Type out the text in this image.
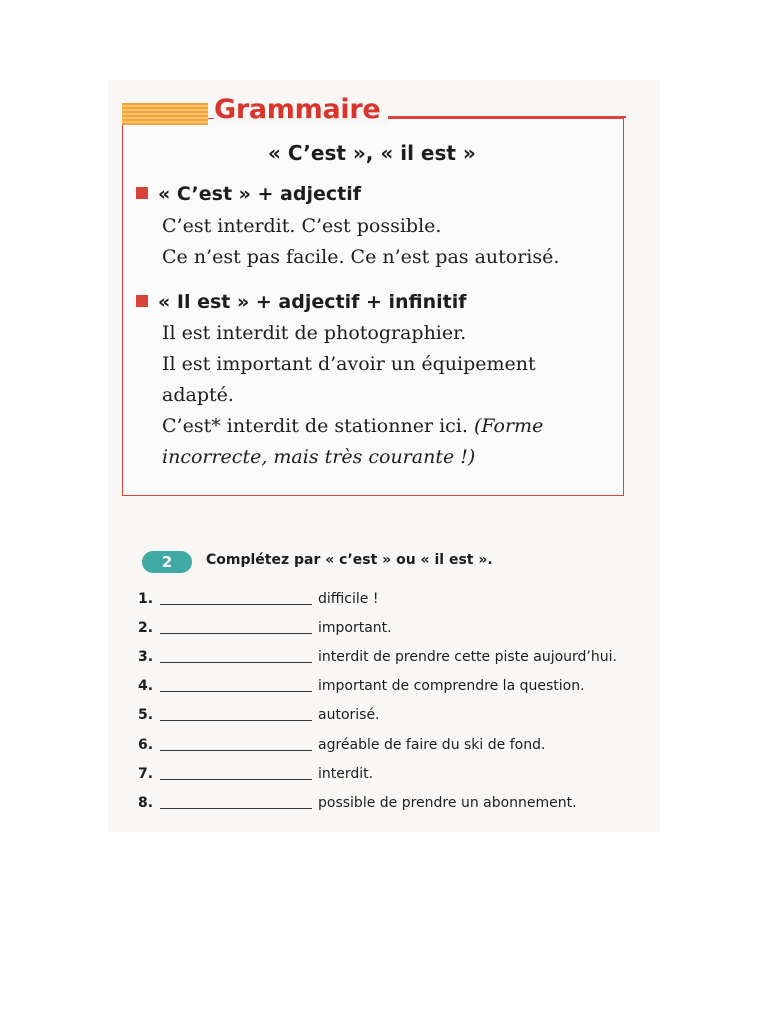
Grammaire
« C’est », « il est »
« C’est » + adjectif
C’est interdit. C’est possible.
Ce n’est pas facile. Ce n’est pas autorisé.
« Il est » + adjectif + infinitif
Il est interdit de photographier.
Il est important d’avoir un équipement
adapté.
C’est* interdit de stationner ici. (Forme
incorrecte, mais très courante !)
2	Complétez par « c’est » ou « il est ».
1.	difficile !
2.	important.
3.	interdit de prendre cette piste aujourd’hui.
4.	important de comprendre la question.
5.	autorisé.
6.	agréable de faire du ski de fond.
7.	interdit.
8.	possible de prendre un abonnement.
